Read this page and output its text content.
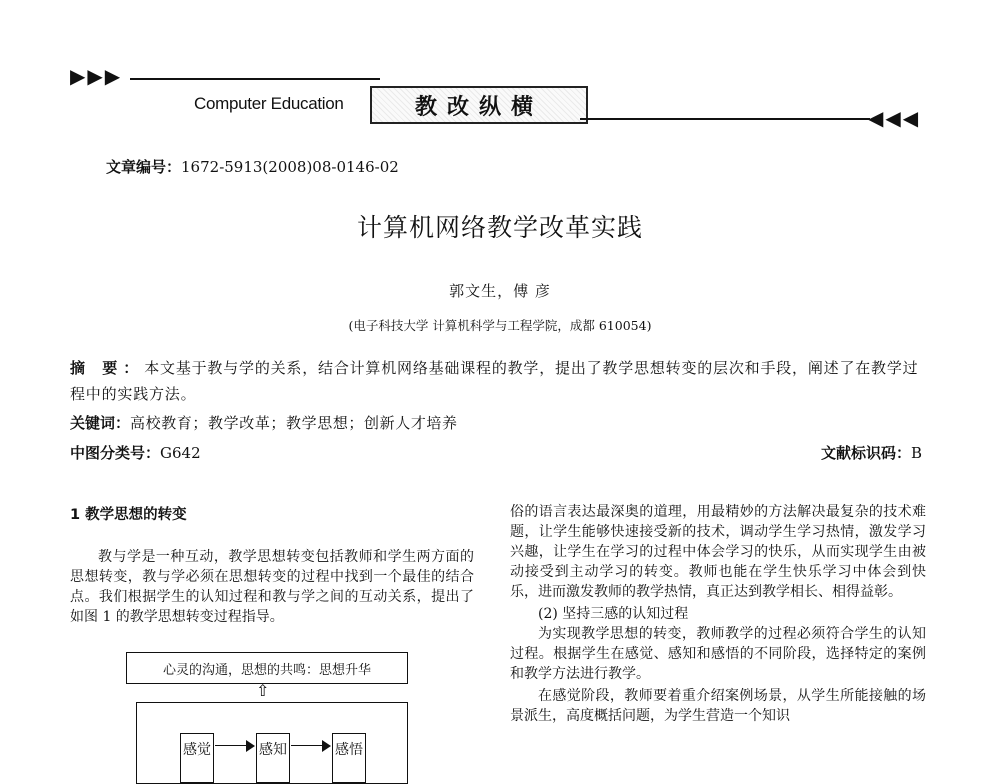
▶▶▶
Computer Education	教改纵横	◀◀◀
文章编号：1672-5913(2008)08-0146-02
计算机网络教学改革实践
郭文生，傅 彦
(电子科技大学 计算机科学与工程学院，成都 610054)
摘 要：本文基于教与学的关系，结合计算机网络基础课程的教学，提出了教学思想转变的层次和手段，阐述了在教学过程中的实践方法。
关键词：高校教育；教学改革；教学思想；创新人才培养
中图分类号：G642	文献标识码：B

1 教学思想的转变

教与学是一种互动，教学思想转变包括教师和学生两方面的思想转变，教与学必须在思想转变的过程中找到一个最佳的结合点。我们根据学生的认知过程和教与学之间的互动关系，提出了如图 1 的教学思想转变过程指导。

心灵的沟通，思想的共鸣：思想升华
⇧
感觉	感知	感悟

俗的语言表达最深奥的道理，用最精妙的方法解决最复杂的技术难题，让学生能够快速接受新的技术，调动学生学习热情，激发学习兴趣，让学生在学习的过程中体会学习的快乐，从而实现学生由被动接受到主动学习的转变。教师也能在学生快乐学习中体会到快乐，进而激发教师的教学热情，真正达到教学相长、相得益彰。

(2) 坚持三感的认知过程

为实现教学思想的转变，教师教学的过程必须符合学生的认知过程。根据学生在感觉、感知和感悟的不同阶段，选择特定的案例和教学方法进行教学。

在感觉阶段，教师要着重介绍案例场景，从学生所能接触的场景派生，高度概括问题，为学生营造一个知识
